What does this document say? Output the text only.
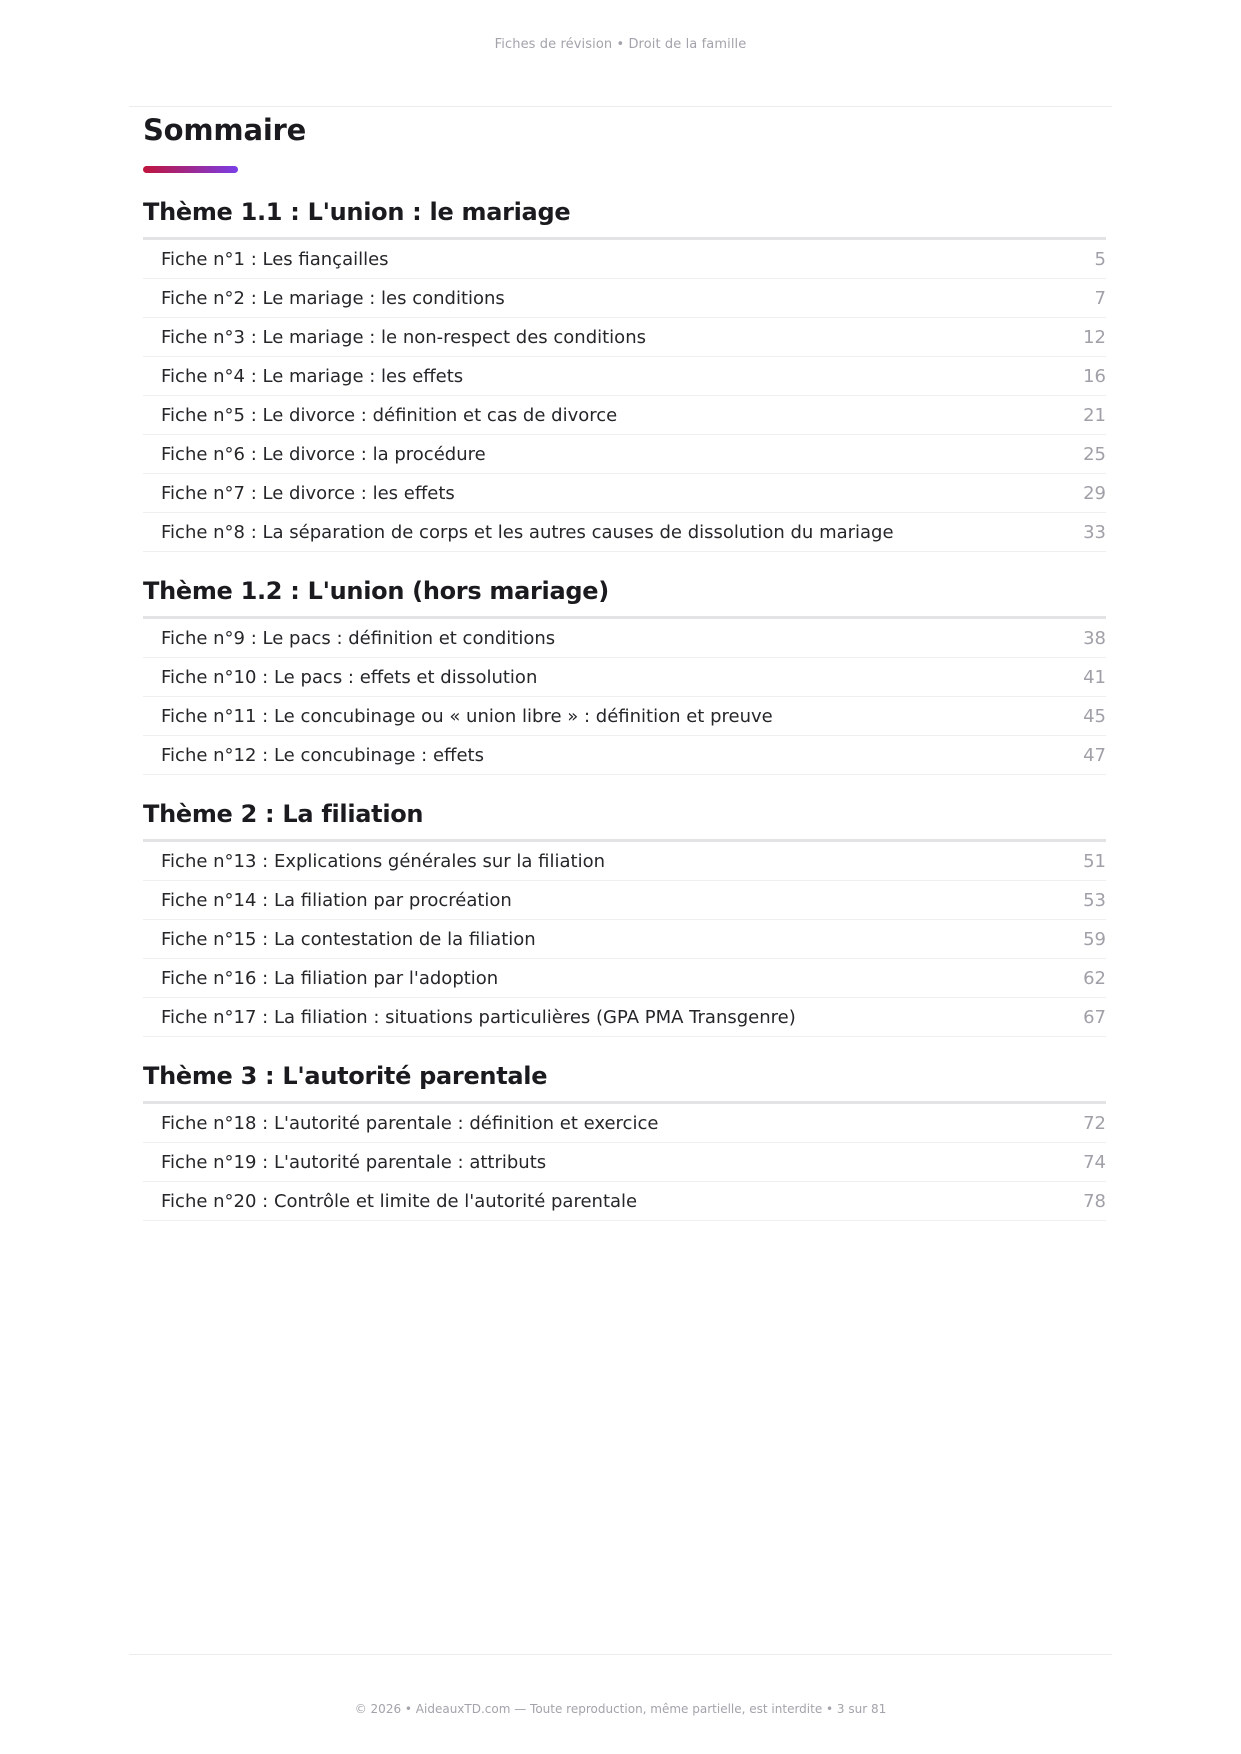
Fiches de révision • Droit de la famille
Sommaire
Thème 1.1 : L'union : le mariage
Fiche n°1 : Les fiançailles	5
Fiche n°2 : Le mariage : les conditions	7
Fiche n°3 : Le mariage : le non-respect des conditions	12
Fiche n°4 : Le mariage : les effets	16
Fiche n°5 : Le divorce : définition et cas de divorce	21
Fiche n°6 : Le divorce : la procédure	25
Fiche n°7 : Le divorce : les effets	29
Fiche n°8 : La séparation de corps et les autres causes de dissolution du mariage	33
Thème 1.2 : L'union (hors mariage)
Fiche n°9 : Le pacs : définition et conditions	38
Fiche n°10 : Le pacs : effets et dissolution	41
Fiche n°11 : Le concubinage ou « union libre » : définition et preuve	45
Fiche n°12 : Le concubinage : effets	47
Thème 2 : La filiation
Fiche n°13 : Explications générales sur la filiation	51
Fiche n°14 : La filiation par procréation	53
Fiche n°15 : La contestation de la filiation	59
Fiche n°16 : La filiation par l'adoption	62
Fiche n°17 : La filiation : situations particulières (GPA PMA Transgenre)	67
Thème 3 : L'autorité parentale
Fiche n°18 : L'autorité parentale : définition et exercice	72
Fiche n°19 : L'autorité parentale : attributs	74
Fiche n°20 : Contrôle et limite de l'autorité parentale	78
© 2026 • AideauxTD.com — Toute reproduction, même partielle, est interdite • 3 sur 81
